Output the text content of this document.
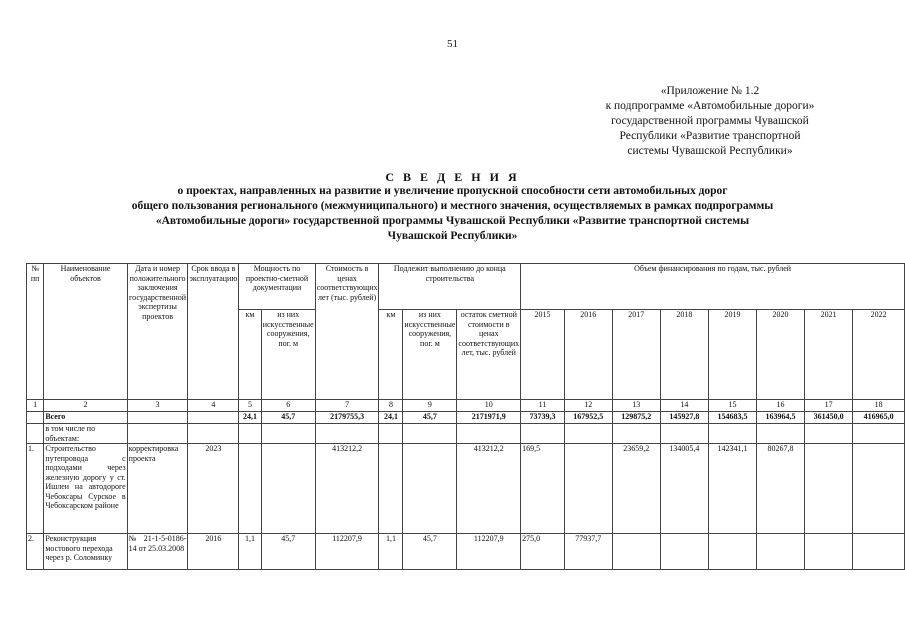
51
«Приложение № 1.2
к подпрограмме «Автомобильные дороги»
государственной программы Чувашской
Республики «Развитие транспортной
системы Чувашской Республики»
С В Е Д Е Н И Я
о проектах, направленных на развитие и увеличение пропускной способности сети автомобильных дорог
общего пользования регионального (межмуниципального) и местного значения, осуществляемых в рамках подпрограммы
«Автомобильные дороги» государственной программы Чувашской Республики «Развитие транспортной системы
Чувашской Республики»
№ пп	Наименование объектов	Дата и номер положительного заключения государственной экспертизы проектов	Срок ввода в эксплуатацию	Мощность по проектно-сметной документации		Стоимость в ценах соответствующих лет (тыс. рублей)	Подлежит выполнению до конца строительства			Объем финансирования по годам, тыс. рублей							
				км	из них искусственные сооружения, пог. м		км	из них искусственные сооружения, пог. м	остаток сметной стоимости в ценах соответствующих лет, тыс. рублей	2015	2016	2017	2018	2019	2020	2021	2022

1	2	3	4	5	6	7	8	9	10	11	12	13	14	15	16	17	18
	Всего			24,1	45,7	2179755,3	24,1	45,7	2171971,9	73739,3	167952,5	129875,2	145927,8	154683,5	163964,5	361450,0	416965,0
	в том числе по объектам:																
1.	Строительство путепровода с подходами через железную дорогу у ст. Ишлеи на автодороге Чебоксары Сурское в Чебоксарском районе	корректировка проекта	2023			413212,2			413212,2	169,5		23659,2	134005,4	142341,1	80267,8		
2.	Реконструкция мостового перехода через р. Соломинку	№ 21-1-5-0186-14 от 25.03.2008	2016	1,1	45,7	112207,9	1,1	45,7	112207,9	275,0	77937,7						
